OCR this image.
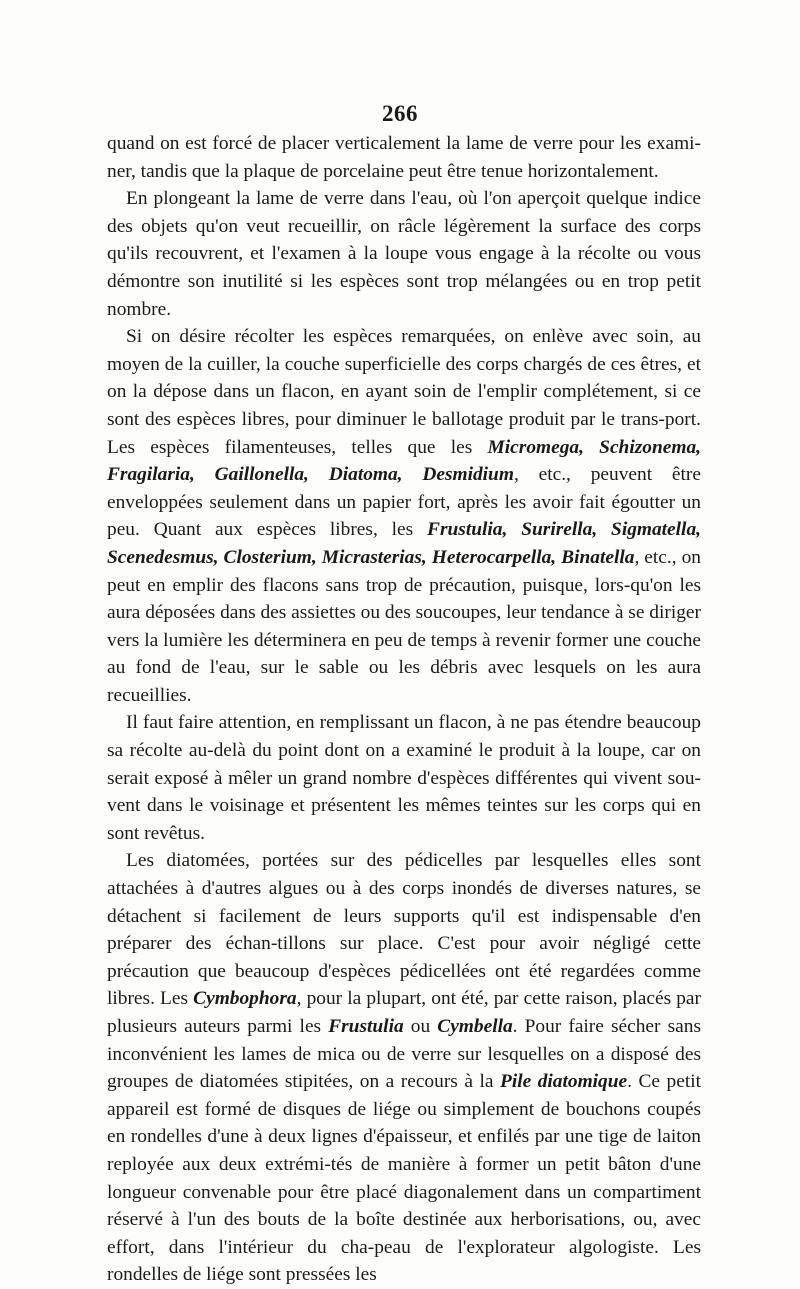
266

quand on est forcé de placer verticalement la lame de verre pour les exami-ner, tandis que la plaque de porcelaine peut être tenue horizontalement.

En plongeant la lame de verre dans l'eau, où l'on aperçoit quelque indice des objets qu'on veut recueillir, on râcle légèrement la surface des corps qu'ils recouvrent, et l'examen à la loupe vous engage à la récolte ou vous démontre son inutilité si les espèces sont trop mélangées ou en trop petit nombre.

Si on désire récolter les espèces remarquées, on enlève avec soin, au moyen de la cuiller, la couche superficielle des corps chargés de ces êtres, et on la dépose dans un flacon, en ayant soin de l'emplir complétement, si ce sont des espèces libres, pour diminuer le ballotage produit par le trans-port. Les espèces filamenteuses, telles que les Micromega, Schizonema, Fragilaria, Gaillonella, Diatoma, Desmidium, etc., peuvent être enveloppées seulement dans un papier fort, après les avoir fait égoutter un peu. Quant aux espèces libres, les Frustulia, Surirella, Sigmatella, Scenedesmus, Closterium, Micrasterias, Heterocarpella, Binatella, etc., on peut en emplir des flacons sans trop de précaution, puisque, lors-qu'on les aura déposées dans des assiettes ou des soucoupes, leur tendance à se diriger vers la lumière les déterminera en peu de temps à revenir former une couche au fond de l'eau, sur le sable ou les débris avec lesquels on les aura recueillies.

Il faut faire attention, en remplissant un flacon, à ne pas étendre beaucoup sa récolte au-delà du point dont on a examiné le produit à la loupe, car on serait exposé à mêler un grand nombre d'espèces différentes qui vivent sou-vent dans le voisinage et présentent les mêmes teintes sur les corps qui en sont revêtus.

Les diatomées, portées sur des pédicelles par lesquelles elles sont attachées à d'autres algues ou à des corps inondés de diverses natures, se détachent si facilement de leurs supports qu'il est indispensable d'en préparer des échan-tillons sur place. C'est pour avoir négligé cette précaution que beaucoup d'espèces pédicellées ont été regardées comme libres. Les Cymbophora, pour la plupart, ont été, par cette raison, placés par plusieurs auteurs parmi les Frustulia ou Cymbella. Pour faire sécher sans inconvénient les lames de mica ou de verre sur lesquelles on a disposé des groupes de diatomées stipitées, on a recours à la Pile diatomique. Ce petit appareil est formé de disques de liége ou simplement de bouchons coupés en rondelles d'une à deux lignes d'épaisseur, et enfilés par une tige de laiton reployée aux deux extrémi-tés de manière à former un petit bâton d'une longueur convenable pour être placé diagonalement dans un compartiment réservé à l'un des bouts de la boîte destinée aux herborisations, ou, avec effort, dans l'intérieur du cha-peau de l'explorateur algologiste. Les rondelles de liége sont pressées les
